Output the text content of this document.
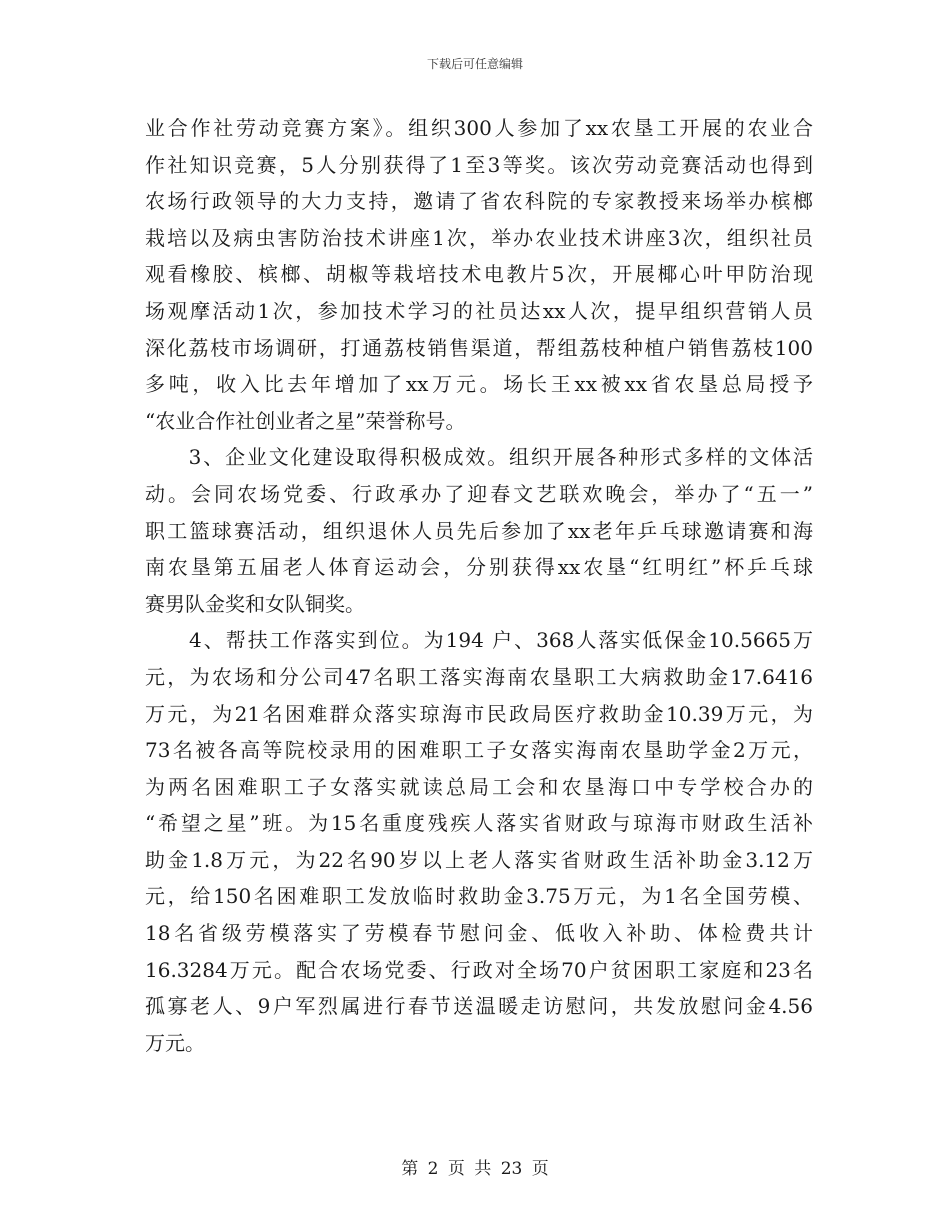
下载后可任意编辑
业合作社劳动竞赛方案》。组织300人参加了xx农垦工开展的农业合
作社知识竞赛，5人分别获得了1至3等奖。该次劳动竞赛活动也得到
农场行政领导的大力支持，邀请了省农科院的专家教授来场举办槟榔
栽培以及病虫害防治技术讲座1次，举办农业技术讲座3次，组织社员
观看橡胶、槟榔、胡椒等栽培技术电教片5次，开展椰心叶甲防治现
场观摩活动1次，参加技术学习的社员达xx人次，提早组织营销人员
深化荔枝市场调研，打通荔枝销售渠道，帮组荔枝种植户销售荔枝100
多吨，收入比去年增加了xx万元。场长王xx被xx省农垦总局授予
“农业合作社创业者之星”荣誉称号。
　　3、企业文化建设取得积极成效。组织开展各种形式多样的文体活
动。会同农场党委、行政承办了迎春文艺联欢晚会，举办了“五一”
职工篮球赛活动，组织退休人员先后参加了xx老年乒乓球邀请赛和海
南农垦第五届老人体育运动会，分别获得xx农垦“红明红”杯乒乓球
赛男队金奖和女队铜奖。
　　4、帮扶工作落实到位。为194 户、368人落实低保金10.5665万
元，为农场和分公司47名职工落实海南农垦职工大病救助金17.6416
万元，为21名困难群众落实琼海市民政局医疗救助金10.39万元，为
73名被各高等院校录用的困难职工子女落实海南农垦助学金2万元，
为两名困难职工子女落实就读总局工会和农垦海口中专学校合办的
“希望之星”班。为15名重度残疾人落实省财政与琼海市财政生活补
助金1.8万元，为22名90岁以上老人落实省财政生活补助金3.12万
元，给150名困难职工发放临时救助金3.75万元，为1名全国劳模、
18名省级劳模落实了劳模春节慰问金、低收入补助、体检费共计
16.3284万元。配合农场党委、行政对全场70户贫困职工家庭和23名
孤寡老人、9户军烈属进行春节送温暖走访慰问，共发放慰问金4.56
万元。
第 2 页 共 23 页
